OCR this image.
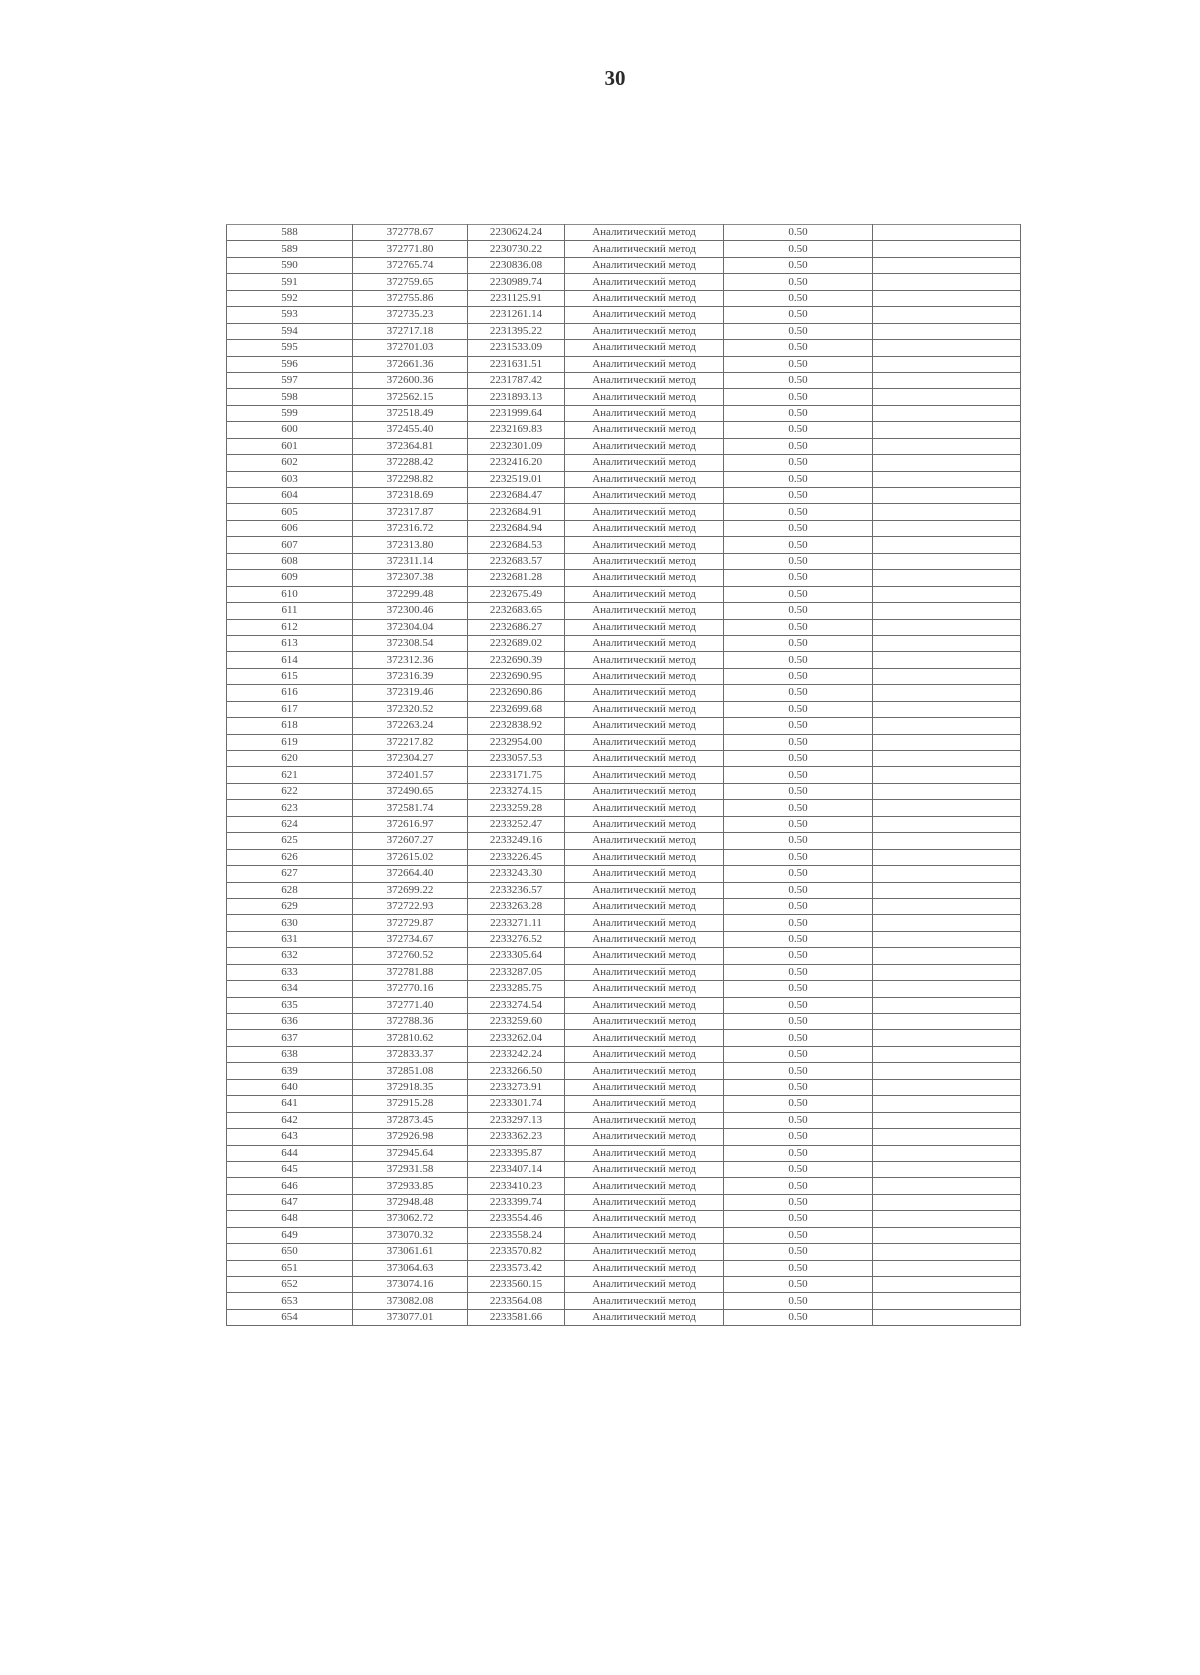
30
588	372778.67	2230624.24	Аналитический метод	0.50	
589	372771.80	2230730.22	Аналитический метод	0.50	
590	372765.74	2230836.08	Аналитический метод	0.50	
591	372759.65	2230989.74	Аналитический метод	0.50	
592	372755.86	2231125.91	Аналитический метод	0.50	
593	372735.23	2231261.14	Аналитический метод	0.50	
594	372717.18	2231395.22	Аналитический метод	0.50	
595	372701.03	2231533.09	Аналитический метод	0.50	
596	372661.36	2231631.51	Аналитический метод	0.50	
597	372600.36	2231787.42	Аналитический метод	0.50	
598	372562.15	2231893.13	Аналитический метод	0.50	
599	372518.49	2231999.64	Аналитический метод	0.50	
600	372455.40	2232169.83	Аналитический метод	0.50	
601	372364.81	2232301.09	Аналитический метод	0.50	
602	372288.42	2232416.20	Аналитический метод	0.50	
603	372298.82	2232519.01	Аналитический метод	0.50	
604	372318.69	2232684.47	Аналитический метод	0.50	
605	372317.87	2232684.91	Аналитический метод	0.50	
606	372316.72	2232684.94	Аналитический метод	0.50	
607	372313.80	2232684.53	Аналитический метод	0.50	
608	372311.14	2232683.57	Аналитический метод	0.50	
609	372307.38	2232681.28	Аналитический метод	0.50	
610	372299.48	2232675.49	Аналитический метод	0.50	
611	372300.46	2232683.65	Аналитический метод	0.50	
612	372304.04	2232686.27	Аналитический метод	0.50	
613	372308.54	2232689.02	Аналитический метод	0.50	
614	372312.36	2232690.39	Аналитический метод	0.50	
615	372316.39	2232690.95	Аналитический метод	0.50	
616	372319.46	2232690.86	Аналитический метод	0.50	
617	372320.52	2232699.68	Аналитический метод	0.50	
618	372263.24	2232838.92	Аналитический метод	0.50	
619	372217.82	2232954.00	Аналитический метод	0.50	
620	372304.27	2233057.53	Аналитический метод	0.50	
621	372401.57	2233171.75	Аналитический метод	0.50	
622	372490.65	2233274.15	Аналитический метод	0.50	
623	372581.74	2233259.28	Аналитический метод	0.50	
624	372616.97	2233252.47	Аналитический метод	0.50	
625	372607.27	2233249.16	Аналитический метод	0.50	
626	372615.02	2233226.45	Аналитический метод	0.50	
627	372664.40	2233243.30	Аналитический метод	0.50	
628	372699.22	2233236.57	Аналитический метод	0.50	
629	372722.93	2233263.28	Аналитический метод	0.50	
630	372729.87	2233271.11	Аналитический метод	0.50	
631	372734.67	2233276.52	Аналитический метод	0.50	
632	372760.52	2233305.64	Аналитический метод	0.50	
633	372781.88	2233287.05	Аналитический метод	0.50	
634	372770.16	2233285.75	Аналитический метод	0.50	
635	372771.40	2233274.54	Аналитический метод	0.50	
636	372788.36	2233259.60	Аналитический метод	0.50	
637	372810.62	2233262.04	Аналитический метод	0.50	
638	372833.37	2233242.24	Аналитический метод	0.50	
639	372851.08	2233266.50	Аналитический метод	0.50	
640	372918.35	2233273.91	Аналитический метод	0.50	
641	372915.28	2233301.74	Аналитический метод	0.50	
642	372873.45	2233297.13	Аналитический метод	0.50	
643	372926.98	2233362.23	Аналитический метод	0.50	
644	372945.64	2233395.87	Аналитический метод	0.50	
645	372931.58	2233407.14	Аналитический метод	0.50	
646	372933.85	2233410.23	Аналитический метод	0.50	
647	372948.48	2233399.74	Аналитический метод	0.50	
648	373062.72	2233554.46	Аналитический метод	0.50	
649	373070.32	2233558.24	Аналитический метод	0.50	
650	373061.61	2233570.82	Аналитический метод	0.50	
651	373064.63	2233573.42	Аналитический метод	0.50	
652	373074.16	2233560.15	Аналитический метод	0.50	
653	373082.08	2233564.08	Аналитический метод	0.50	
654	373077.01	2233581.66	Аналитический метод	0.50	
